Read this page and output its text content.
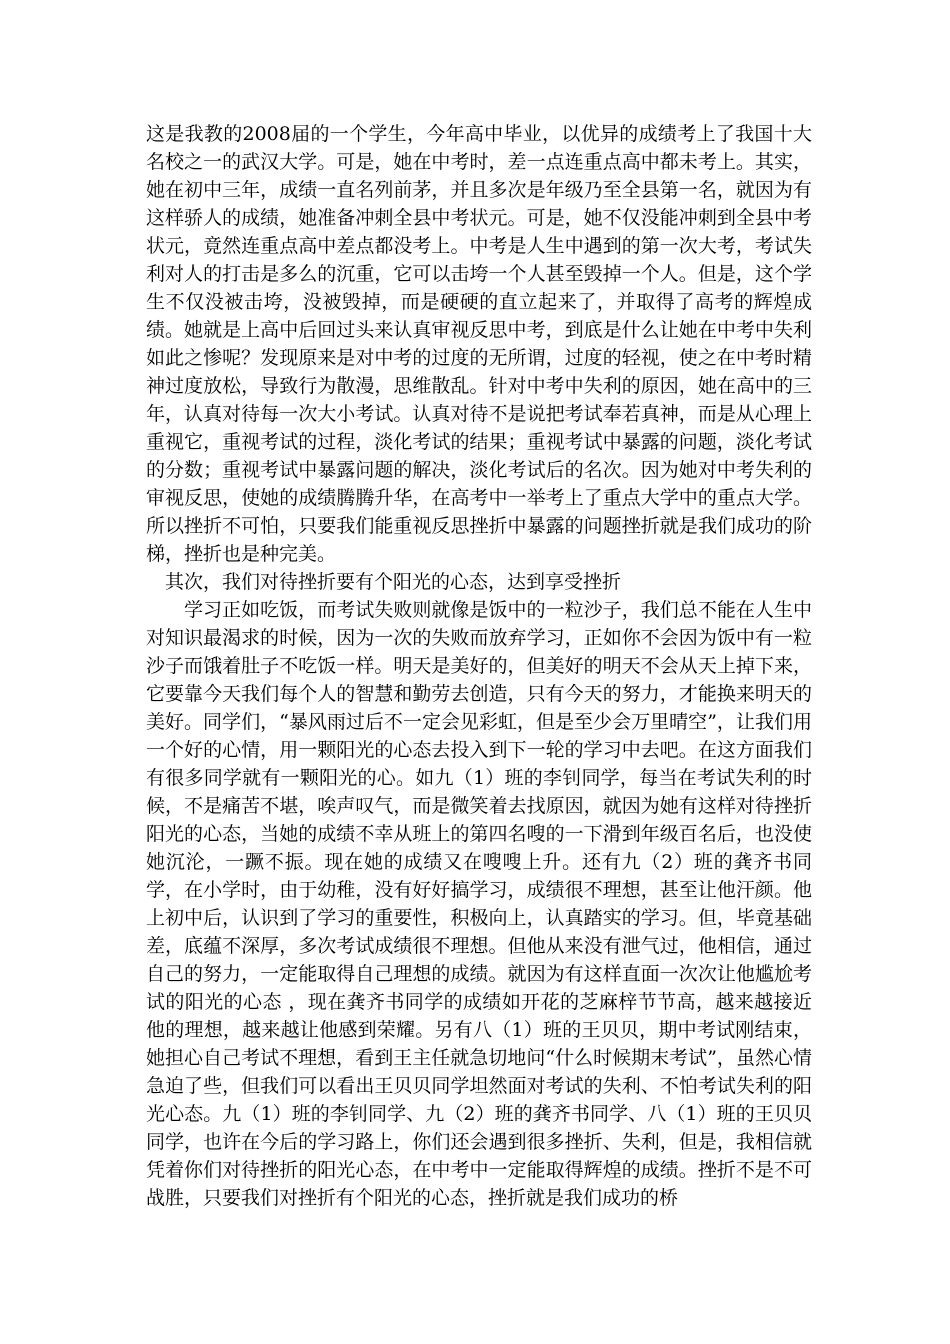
这是我教的2008届的一个学生，今年高中毕业，以优异的成绩考上了我国十大名校之一的武汉大学。可是，她在中考时，差一点连重点高中都未考上。其实，她在初中三年，成绩一直名列前茅，并且多次是年级乃至全县第一名，就因为有这样骄人的成绩，她准备冲刺全县中考状元。可是，她不仅没能冲刺到全县中考状元，竟然连重点高中差点都没考上。中考是人生中遇到的第一次大考，考试失利对人的打击是多么的沉重，它可以击垮一个人甚至毁掉一个人。但是，这个学生不仅没被击垮，没被毁掉，而是硬硬的直立起来了，并取得了高考的辉煌成绩。她就是上高中后回过头来认真审视反思中考，到底是什么让她在中考中失利如此之惨呢？发现原来是对中考的过度的无所谓，过度的轻视，使之在中考时精神过度放松，导致行为散漫，思维散乱。针对中考中失利的原因，她在高中的三年，认真对待每一次大小考试。认真对待不是说把考试奉若真神，而是从心理上重视它，重视考试的过程，淡化考试的结果；重视考试中暴露的问题，淡化考试的分数；重视考试中暴露问题的解决，淡化考试后的名次。因为她对中考失利的审视反思，使她的成绩腾腾升华，在高考中一举考上了重点大学中的重点大学。所以挫折不可怕，只要我们能重视反思挫折中暴露的问题挫折就是我们成功的阶梯，挫折也是种完美。

其次，我们对待挫折要有个阳光的心态，达到享受挫折

学习正如吃饭，而考试失败则就像是饭中的一粒沙子，我们总不能在人生中对知识最渴求的时候，因为一次的失败而放弃学习，正如你不会因为饭中有一粒沙子而饿着肚子不吃饭一样。明天是美好的，但美好的明天不会从天上掉下来，它要靠今天我们每个人的智慧和勤劳去创造，只有今天的努力，才能换来明天的美好。同学们，“暴风雨过后不一定会见彩虹，但是至少会万里晴空”，让我们用一个好的心情，用一颗阳光的心态去投入到下一轮的学习中去吧。在这方面我们有很多同学就有一颗阳光的心。如九（1）班的李钊同学，每当在考试失利的时候，不是痛苦不堪，唉声叹气，而是微笑着去找原因，就因为她有这样对待挫折阳光的心态，当她的成绩不幸从班上的第四名嗖的一下滑到年级百名后，也没使她沉沦，一蹶不振。现在她的成绩又在嗖嗖上升。还有九（2）班的龚齐书同学，在小学时，由于幼稚，没有好好搞学习，成绩很不理想，甚至让他汗颜。他上初中后，认识到了学习的重要性，积极向上，认真踏实的学习。但，毕竟基础差，底蕴不深厚，多次考试成绩很不理想。但他从来没有泄气过，他相信，通过自己的努力，一定能取得自己理想的成绩。就因为有这样直面一次次让他尴尬考试的阳光的心态 ，现在龚齐书同学的成绩如开花的芝麻梓节节高，越来越接近他的理想，越来越让他感到荣耀。另有八（1）班的王贝贝，期中考试刚结束，她担心自己考试不理想，看到王主任就急切地问“什么时候期末考试”，虽然心情急迫了些，但我们可以看出王贝贝同学坦然面对考试的失利、不怕考试失利的阳光心态。九（1）班的李钊同学、九（2）班的龚齐书同学、八（1）班的王贝贝同学，也许在今后的学习路上，你们还会遇到很多挫折、失利，但是，我相信就凭着你们对待挫折的阳光心态，在中考中一定能取得辉煌的成绩。挫折不是不可战胜，只要我们对挫折有个阳光的心态，挫折就是我们成功的桥
